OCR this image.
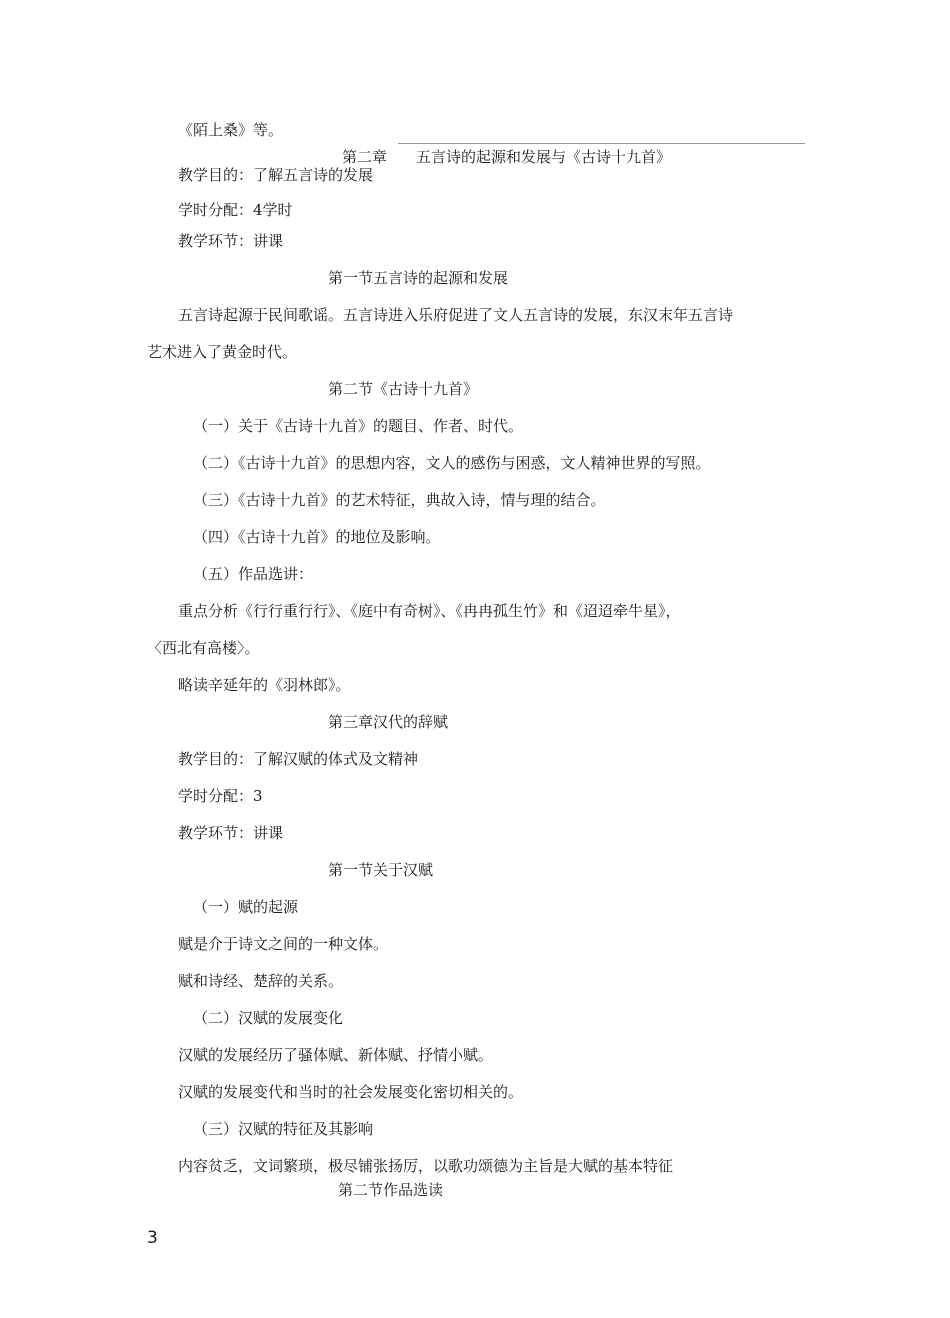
《陌上桑》等。
第二章 五言诗的起源和发展与《古诗十九首》
教学目的：了解五言诗的发展
学时分配：4学时
教学环节：讲课
第一节五言诗的起源和发展
五言诗起源于民间歌谣。五言诗进入乐府促进了文人五言诗的发展，东汉末年五言诗
艺术进入了黄金时代。
第二节《古诗十九首》
（一）关于《古诗十九首》的题目、作者、时代。
（二）《古诗十九首》的思想内容，文人的感伤与困惑，文人精神世界的写照。
（三）《古诗十九首》的艺术特征，典故入诗，情与理的结合。
（四）《古诗十九首》的地位及影响。
（五）作品选讲：
重点分析《行行重行行》、《庭中有奇树》、《冉冉孤生竹》和《迢迢牵牛星》，
〈西北有高楼〉。
略读辛延年的《羽林郎》。
第三章汉代的辞赋
教学目的：了解汉赋的体式及文精神
学时分配：3
教学环节：讲课
第一节关于汉赋
（一）赋的起源
赋是介于诗文之间的一种文体。
赋和诗经、楚辞的关系。
（二）汉赋的发展变化
汉赋的发展经历了骚体赋、新体赋、抒情小赋。
汉赋的发展变代和当时的社会发展变化密切相关的。
（三）汉赋的特征及其影响
内容贫乏，文词繁琐，极尽铺张扬厉，以歌功颂德为主旨是大赋的基本特征
第二节作品选读
3
